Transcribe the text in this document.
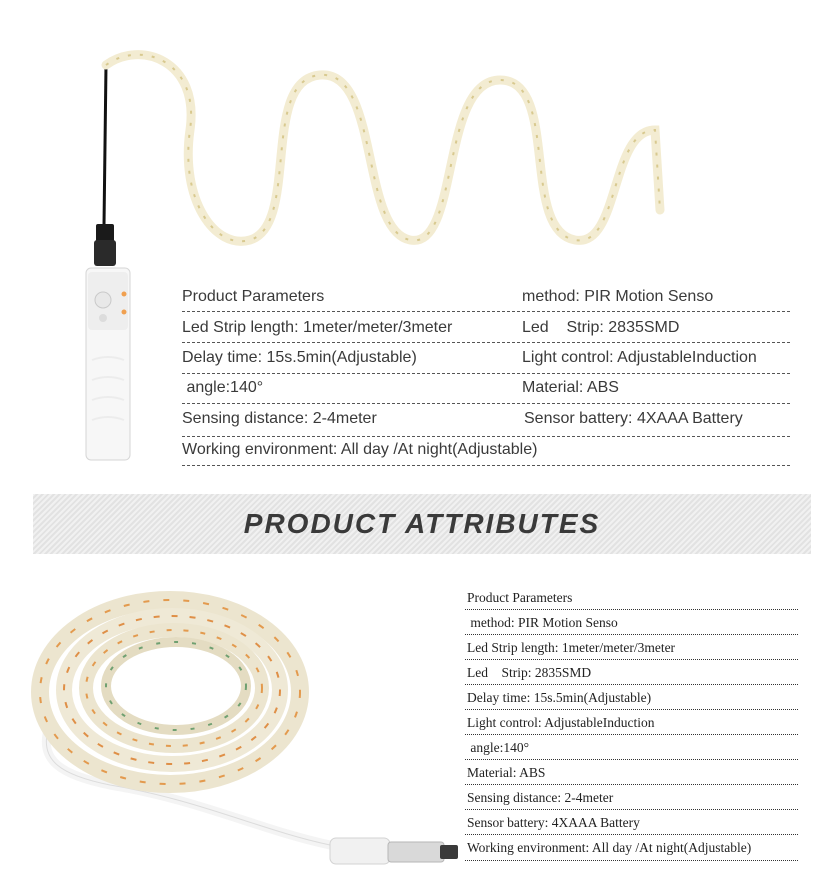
Product Parameters	method: PIR Motion Senso
Led Strip length: 1meter/meter/3meter	Led    Strip: 2835SMD
Delay time: 15s.5min(Adjustable)	Light control: AdjustableInduction
angle:140°	Material: ABS
Sensing distance: 2-4meter	Sensor battery: 4XAAA Battery
Working environment: All day /At night(Adjustable)
PRODUCT ATTRIBUTES
Product Parameters
method: PIR Motion Senso
Led Strip length: 1meter/meter/3meter
Led    Strip: 2835SMD
Delay time: 15s.5min(Adjustable)
Light control: AdjustableInduction
angle:140°
Material: ABS
Sensing distance: 2-4meter
Sensor battery: 4XAAA Battery
Working environment: All day /At night(Adjustable)
